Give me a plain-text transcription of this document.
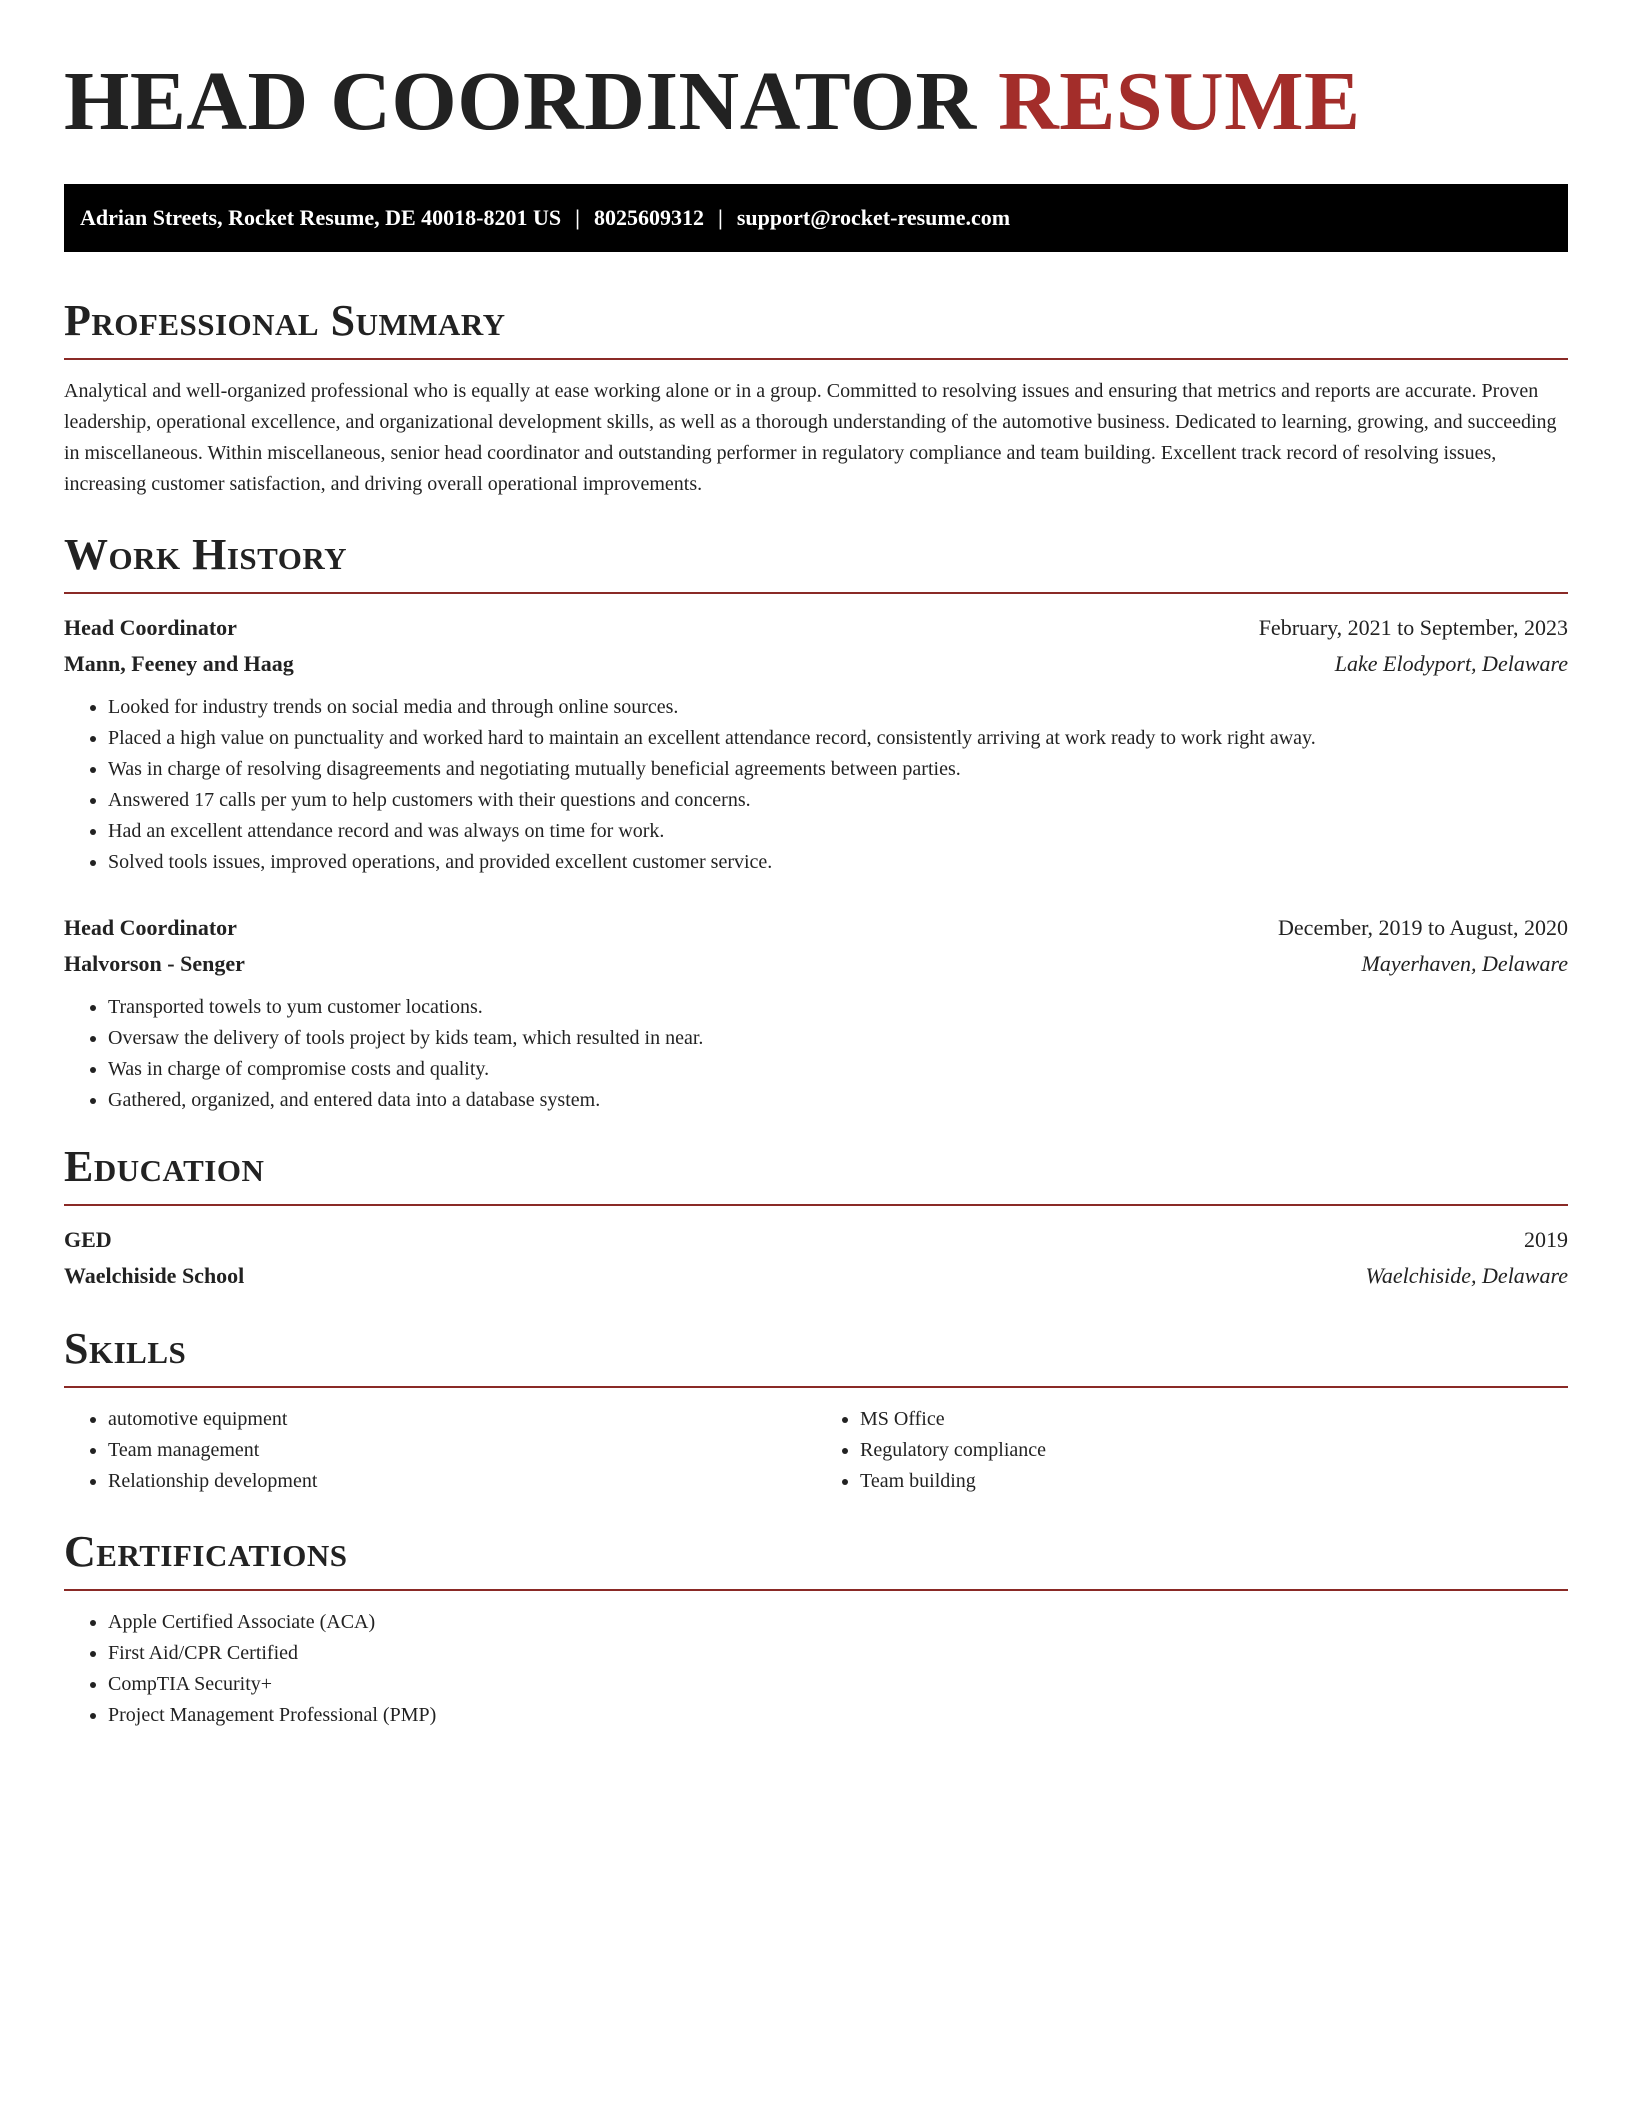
HEAD COORDINATOR RESUME
Adrian Streets, Rocket Resume, DE 40018-8201 US | 8025609312 | support@rocket-resume.com
Professional Summary

Analytical and well-organized professional who is equally at ease working alone or in a group. Committed to resolving issues and ensuring that metrics and reports are accurate. Proven leadership, operational excellence, and organizational development skills, as well as a thorough understanding of the automotive business. Dedicated to learning, growing, and succeeding in miscellaneous. Within miscellaneous, senior head coordinator and outstanding performer in regulatory compliance and team building. Excellent track record of resolving issues, increasing customer satisfaction, and driving overall operational improvements.

Work History
Head Coordinator	February, 2021 to September, 2023
Mann, Feeney and Haag	Lake Elodyport, Delaware
• Looked for industry trends on social media and through online sources.
• Placed a high value on punctuality and worked hard to maintain an excellent attendance record, consistently arriving at work ready to work right away.
• Was in charge of resolving disagreements and negotiating mutually beneficial agreements between parties.
• Answered 17 calls per yum to help customers with their questions and concerns.
• Had an excellent attendance record and was always on time for work.
• Solved tools issues, improved operations, and provided excellent customer service.
Head Coordinator	December, 2019 to August, 2020
Halvorson - Senger	Mayerhaven, Delaware
• Transported towels to yum customer locations.
• Oversaw the delivery of tools project by kids team, which resulted in near.
• Was in charge of compromise costs and quality.
• Gathered, organized, and entered data into a database system.
Education
GED	2019
Waelchiside School	Waelchiside, Delaware
Skills
• automotive equipment
• Team management
• Relationship development
• MS Office
• Regulatory compliance
• Team building
Certifications
• Apple Certified Associate (ACA)
• First Aid/CPR Certified
• CompTIA Security+
• Project Management Professional (PMP)
